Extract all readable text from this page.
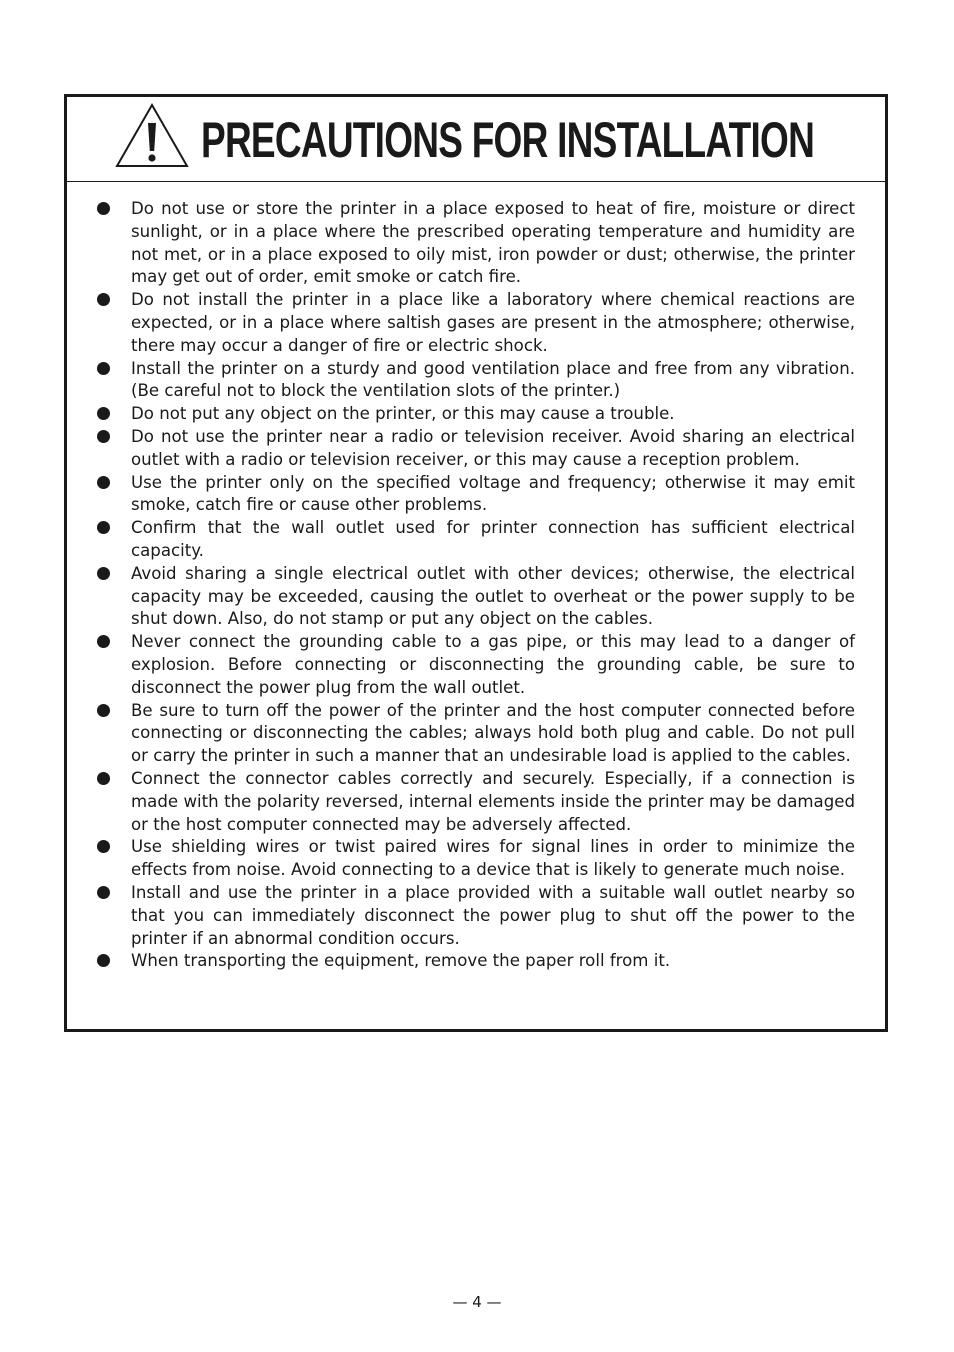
PRECAUTIONS FOR INSTALLATION
Do not use or store the printer in a place exposed to heat of fire, moisture or direct sunlight, or in a place where the prescribed operating temperature and humidity are not met, or in a place exposed to oily mist, iron powder or dust; otherwise, the printer may get out of order, emit smoke or catch fire.
Do not install the printer in a place like a laboratory where chemical reactions are expected, or in a place where saltish gases are present in the atmosphere; otherwise, there may occur a danger of fire or electric shock.
Install the printer on a sturdy and good ventilation place and free from any vibration. (Be careful not to block the ventilation slots of the printer.)
Do not put any object on the printer, or this may cause a trouble.
Do not use the printer near a radio or television receiver. Avoid sharing an electrical outlet with a radio or television receiver, or this may cause a reception problem.
Use the printer only on the specified voltage and frequency; otherwise it may emit smoke, catch fire or cause other problems.
Confirm that the wall outlet used for printer connection has sufficient electrical capacity.
Avoid sharing a single electrical outlet with other devices; otherwise, the electrical capacity may be exceeded, causing the outlet to overheat or the power supply to be shut down. Also, do not stamp or put any object on the cables.
Never connect the grounding cable to a gas pipe, or this may lead to a danger of explosion. Before connecting or disconnecting the grounding cable, be sure to disconnect the power plug from the wall outlet.
Be sure to turn off the power of the printer and the host computer connected before connecting or disconnecting the cables; always hold both plug and cable. Do not pull or carry the printer in such a manner that an undesirable load is applied to the cables.
Connect the connector cables correctly and securely. Especially, if a connection is made with the polarity reversed, internal elements inside the printer may be damaged or the host computer connected may be adversely affected.
Use shielding wires or twist paired wires for signal lines in order to minimize the effects from noise. Avoid connecting to a device that is likely to generate much noise.
Install and use the printer in a place provided with a suitable wall outlet nearby so that you can immediately disconnect the power plug to shut off the power to the printer if an abnormal condition occurs.
When transporting the equipment, remove the paper roll from it.
— 4 —
